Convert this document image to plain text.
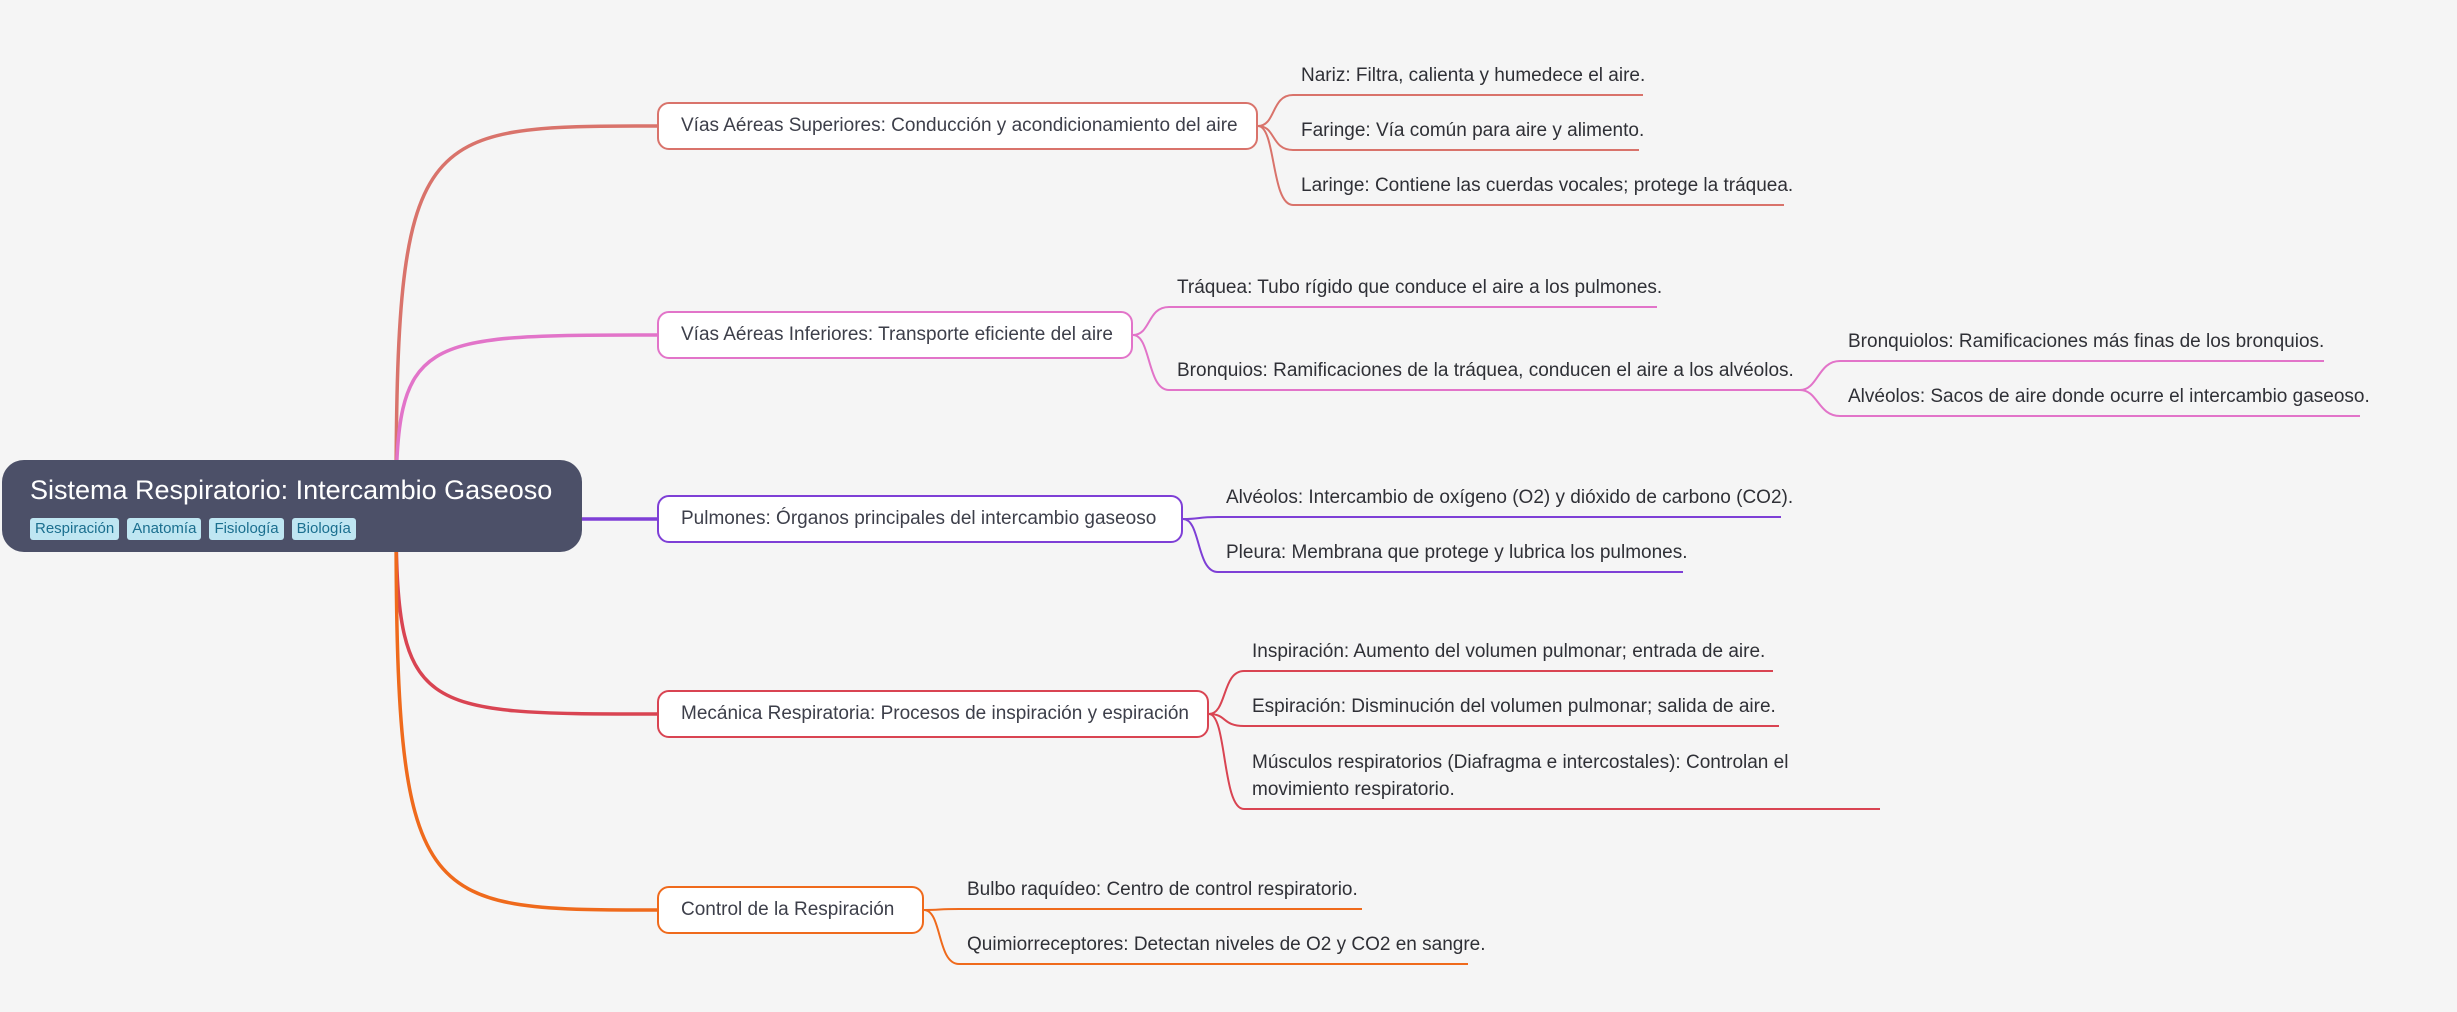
Sistema Respiratorio: Intercambio Gaseoso
Respiración	Anatomía	Fisiología	Biología
Vías Aéreas Superiores: Conducción y acondicionamiento del aire
Nariz: Filtra, calienta y humedece el aire.
Faringe: Vía común para aire y alimento.
Laringe: Contiene las cuerdas vocales; protege la tráquea.
Vías Aéreas Inferiores: Transporte eficiente del aire
Tráquea: Tubo rígido que conduce el aire a los pulmones.
Bronquios: Ramificaciones de la tráquea, conducen el aire a los alvéolos.
Bronquiolos: Ramificaciones más finas de los bronquios.
Alvéolos: Sacos de aire donde ocurre el intercambio gaseoso.
Pulmones: Órganos principales del intercambio gaseoso
Alvéolos: Intercambio de oxígeno (O2) y dióxido de carbono (CO2).
Pleura: Membrana que protege y lubrica los pulmones.
Mecánica Respiratoria: Procesos de inspiración y espiración
Inspiración: Aumento del volumen pulmonar; entrada de aire.
Espiración: Disminución del volumen pulmonar; salida de aire.
Músculos respiratorios (Diafragma e intercostales): Controlan el movimiento respiratorio.
Control de la Respiración
Bulbo raquídeo: Centro de control respiratorio.
Quimiorreceptores: Detectan niveles de O2 y CO2 en sangre.
